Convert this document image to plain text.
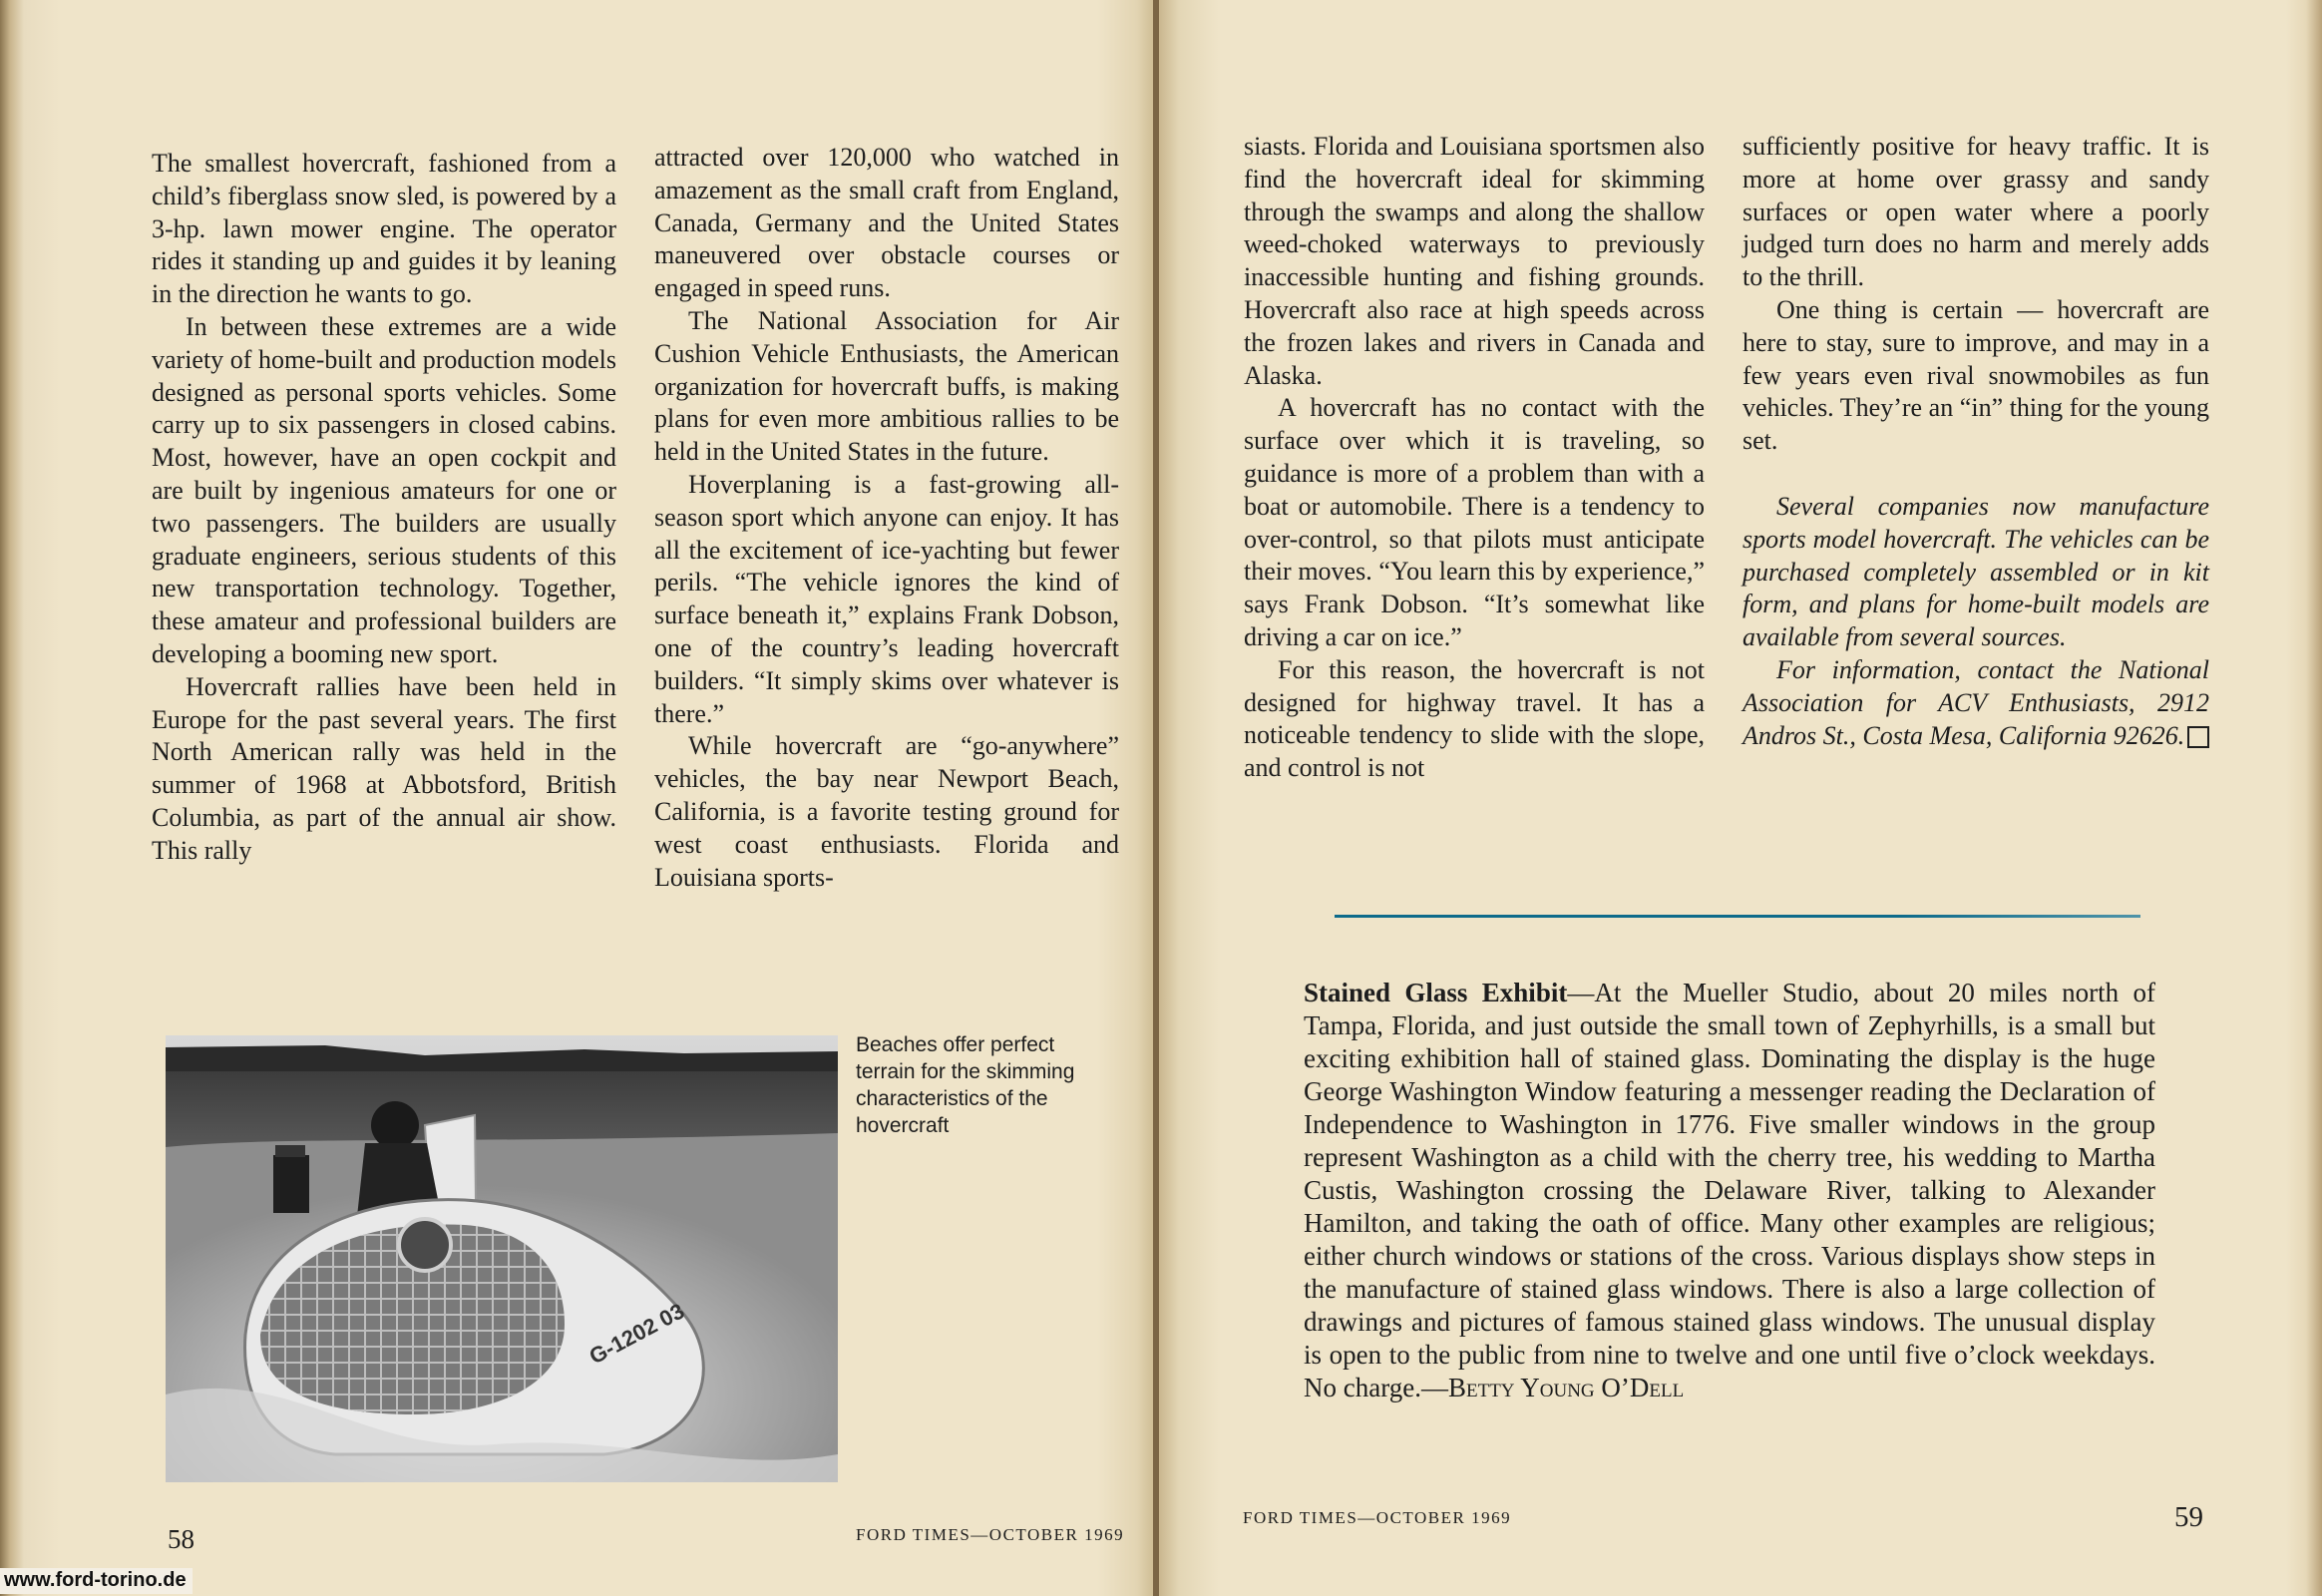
The smallest hovercraft, fashioned from a child’s fiberglass snow sled, is powered by a 3-hp. lawn mower engine. The operator rides it standing up and guides it by leaning in the direction he wants to go.

In between these extremes are a wide variety of home-built and production models designed as personal sports vehicles. Some carry up to six passengers in closed cabins. Most, however, have an open cockpit and are built by ingenious amateurs for one or two passengers. The builders are usually graduate engineers, serious students of this new transportation technology. Together, these amateur and professional builders are developing a booming new sport.

Hovercraft rallies have been held in Europe for the past several years. The first North American rally was held in the summer of 1968 at Abbotsford, British Columbia, as part of the annual air show. This rally

attracted over 120,000 who watched in amazement as the small craft from England, Canada, Germany and the United States maneuvered over obstacle courses or engaged in speed runs.

The National Association for Air Cushion Vehicle Enthusiasts, the American organization for hovercraft buffs, is making plans for even more ambitious rallies to be held in the United States in the future.

Hoverplaning is a fast-growing all-season sport which anyone can enjoy. It has all the excitement of ice-yachting but fewer perils. “The vehicle ignores the kind of surface beneath it,” explains Frank Dobson, one of the country’s leading hovercraft builders. “It simply skims over whatever is there.”

While hovercraft are “go-anywhere” vehicles, the bay near Newport Beach, California, is a favorite testing ground for west coast enthusiasts. Florida and Louisiana sports-

G-1202 03
Beaches offer perfect terrain for the skimming characteristics of the hovercraft
58	FORD TIMES—OCTOBER 1969

siasts. Florida and Louisiana sportsmen also find the hovercraft ideal for skimming through the swamps and along the shallow weed-choked waterways to previously inaccessible hunting and fishing grounds. Hovercraft also race at high speeds across the frozen lakes and rivers in Canada and Alaska.

A hovercraft has no contact with the surface over which it is traveling, so guidance is more of a problem than with a boat or automobile. There is a tendency to over-control, so that pilots must anticipate their moves. “You learn this by experience,” says Frank Dobson. “It’s somewhat like driving a car on ice.”

For this reason, the hovercraft is not designed for highway travel. It has a noticeable tendency to slide with the slope, and control is not

sufficiently positive for heavy traffic. It is more at home over grassy and sandy surfaces or open water where a poorly judged turn does no harm and merely adds to the thrill.

One thing is certain — hovercraft are here to stay, sure to improve, and may in a few years even rival snowmobiles as fun vehicles. They’re an “in” thing for the young set.

Several companies now manufacture sports model hovercraft. The vehicles can be purchased completely assembled or in kit form, and plans for home-built models are available from several sources.

For information, contact the National Association for ACV Enthusiasts, 2912 Andros St., Costa Mesa, California 92626.

Stained Glass Exhibit—At the Mueller Studio, about 20 miles north of Tampa, Florida, and just outside the small town of Zephyrhills, is a small but exciting exhibition hall of stained glass. Dominating the display is the huge George Washington Window featuring a messenger reading the Declaration of Independence to Washington in 1776. Five smaller windows in the group represent Washington as a child with the cherry tree, his wedding to Martha Custis, Washington crossing the Delaware River, talking to Alexander Hamilton, and taking the oath of office. Many other examples are religious; either church windows or stations of the cross. Various displays show steps in the manufacture of stained glass windows. There is also a large collection of drawings and pictures of famous stained glass windows. The unusual display is open to the public from nine to twelve and one until five o’clock weekdays. No charge.—Betty Young O’Dell

FORD TIMES—OCTOBER 1969	59
www.ford-torino.de
